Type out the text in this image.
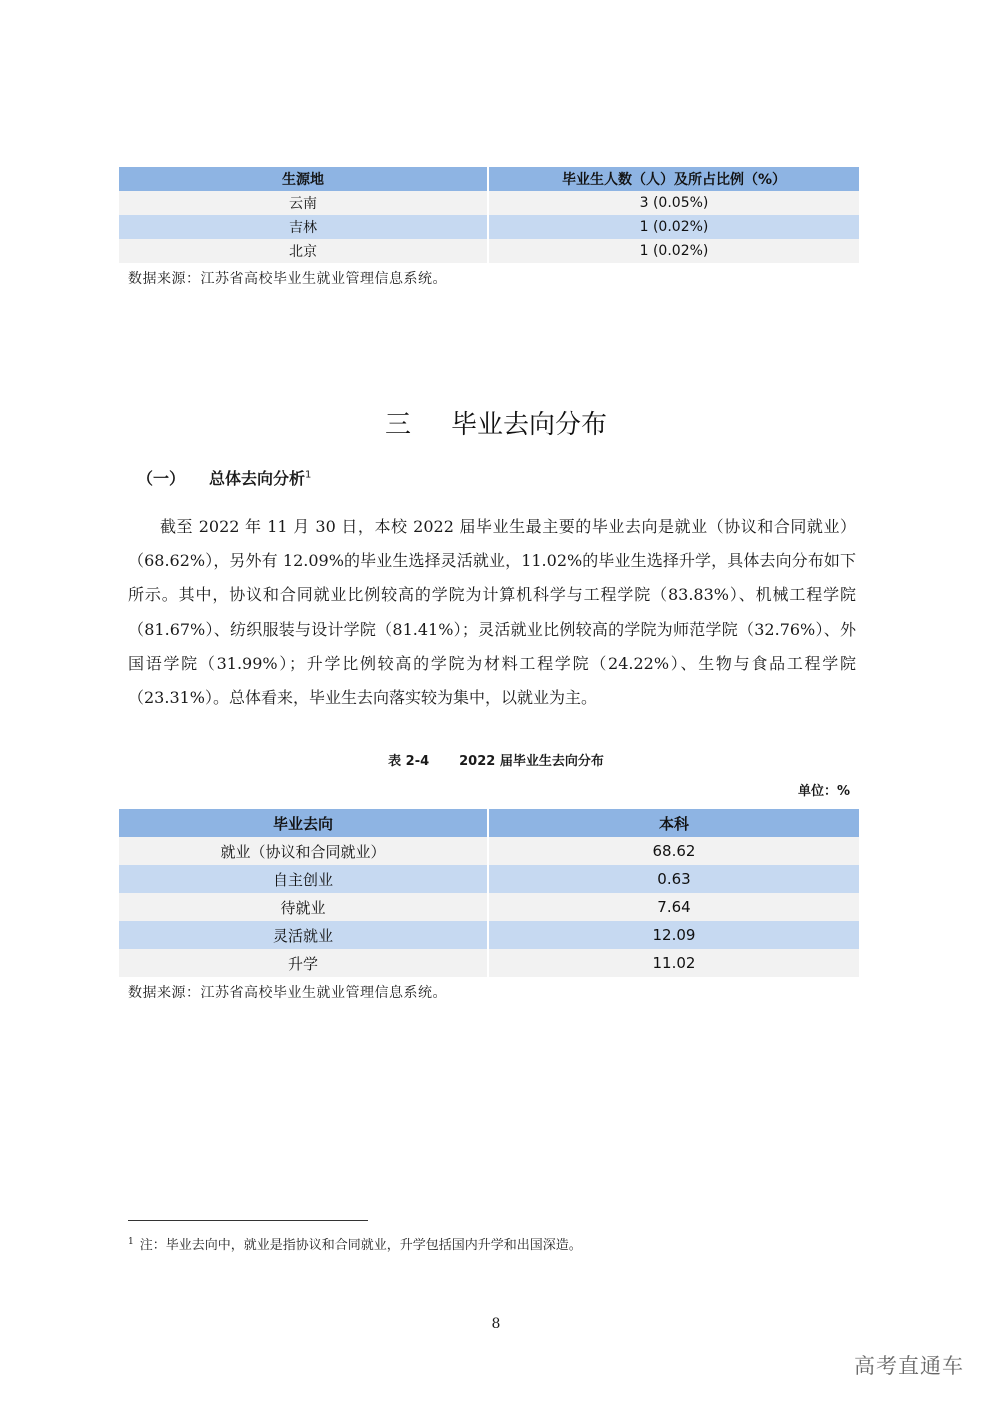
生源地	毕业生人数（人）及所占比例（%）
云南	3 (0.05%)
吉林	1 (0.02%)
北京	1 (0.02%)
数据来源：江苏省高校毕业生就业管理信息系统。
三 毕业去向分布
（一） 总体去向分析$^1$
截至 2022 年 11 月 30 日，本校 2022 届毕业生最主要的毕业去向是就业（协议和合同就业）（68.62%），另外有 12.09%的毕业生选择灵活就业，11.02%的毕业生选择升学，具体去向分布如下所示。其中，协议和合同就业比例较高的学院为计算机科学与工程学院（83.83%）、机械工程学院（81.67%）、纺织服装与设计学院（81.41%）；灵活就业比例较高的学院为师范学院（32.76%）、外国语学院（31.99%）；升学比例较高的学院为材料工程学院（24.22%）、生物与食品工程学院（23.31%）。总体看来，毕业生去向落实较为集中，以就业为主。
表 2-4 2022 届毕业生去向分布
单位：%
毕业去向	本科
就业（协议和合同就业）	68.62
自主创业	0.63
待就业	7.64
灵活就业	12.09
升学	11.02
数据来源：江苏省高校毕业生就业管理信息系统。
$^1$ 注：毕业去向中，就业是指协议和合同就业，升学包括国内升学和出国深造。
8
高考直通车
